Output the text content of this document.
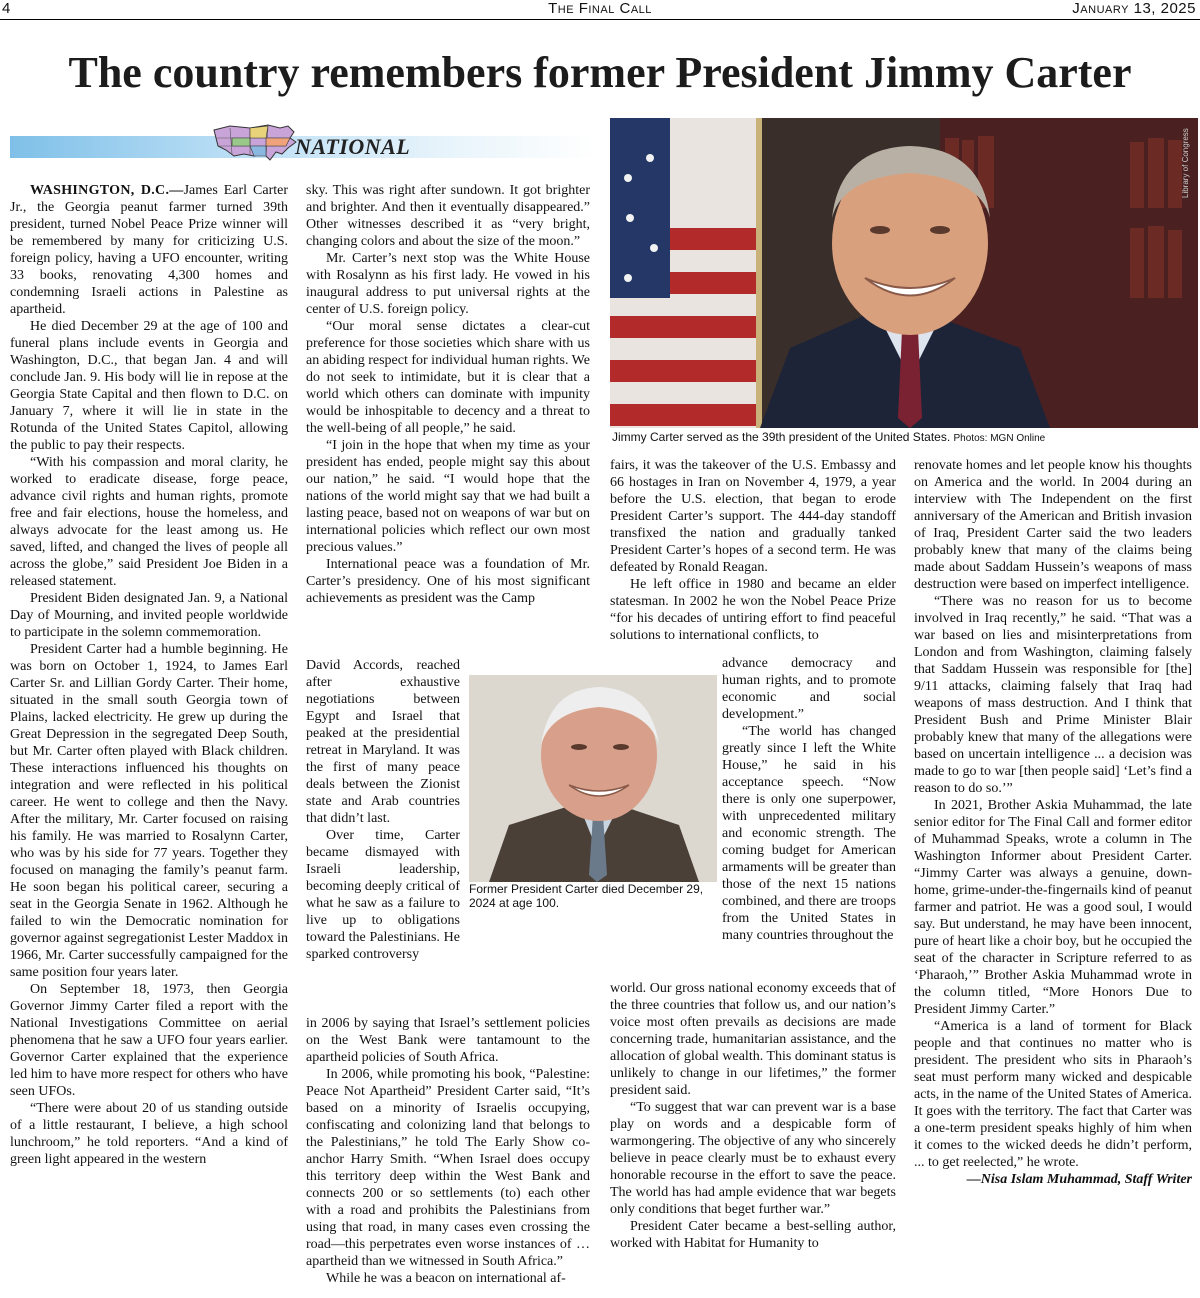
4	The Final Call	January 13, 2025
The country remembers former President Jimmy Carter
NATIONAL	Library of Congress
Jimmy Carter served as the 39th president of the United States. Photos: MGN Online
Former President Carter died December 29, 2024 at age 100.

WASHINGTON, D.C.—James Earl Carter Jr., the Georgia peanut farmer turned 39th president, turned Nobel Peace Prize winner will be remembered by many for criticizing U.S. foreign policy, having a UFO encounter, writing 33 books, renovating 4,300 homes and condemning Israeli actions in Palestine as apartheid.

He died December 29 at the age of 100 and funeral plans include events in Georgia and Washington, D.C., that began Jan. 4 and will conclude Jan. 9. His body will lie in repose at the Georgia State Capital and then flown to D.C. on January 7, where it will lie in state in the Rotunda of the United States Capitol, allowing the public to pay their respects.

“With his compassion and moral clarity, he worked to eradicate disease, forge peace, advance civil rights and human rights, promote free and fair elections, house the homeless, and always advocate for the least among us. He saved, lifted, and changed the lives of people all across the globe,” said President Joe Biden in a released statement.

President Biden designated Jan. 9, a National Day of Mourning, and invited people worldwide to participate in the solemn commemoration.

President Carter had a humble beginning. He was born on October 1, 1924, to James Earl Carter Sr. and Lillian Gordy Carter. Their home, situated in the small south Georgia town of Plains, lacked electricity. He grew up during the Great Depression in the segregated Deep South, but Mr. Carter often played with Black children. These interactions influenced his thoughts on integration and were reflected in his political career. He went to college and then the Navy. After the military, Mr. Carter focused on raising his family. He was married to Rosalynn Carter, who was by his side for 77 years. Together they focused on managing the family’s peanut farm. He soon began his political career, securing a seat in the Georgia Senate in 1962. Although he failed to win the Democratic nomination for governor against segregationist Lester Maddox in 1966, Mr. Carter successfully campaigned for the same position four years later.

On September 18, 1973, then Georgia Governor Jimmy Carter filed a report with the National Investigations Committee on aerial phenomena that he saw a UFO four years earlier. Governor Carter explained that the experience led him to have more respect for others who have seen UFOs.

“There were about 20 of us standing outside of a little restaurant, I believe, a high school lunchroom,” he told reporters. “And a kind of green light appeared in the western

sky. This was right after sundown. It got brighter and brighter. And then it eventually disappeared.” Other witnesses described it as “very bright, changing colors and about the size of the moon.”

Mr. Carter’s next stop was the White House with Rosalynn as his first lady. He vowed in his inaugural address to put universal rights at the center of U.S. foreign policy.

“Our moral sense dictates a clear-cut preference for those societies which share with us an abiding respect for individual human rights. We do not seek to intimidate, but it is clear that a world which others can dominate with impunity would be inhospitable to decency and a threat to the well-being of all people,” he said.

“I join in the hope that when my time as your president has ended, people might say this about our nation,” he said. “I would hope that the nations of the world might say that we had built a lasting peace, based not on weapons of war but on international policies which reflect our own most precious values.”

International peace was a foundation of Mr. Carter’s presidency. One of his most significant achievements as president was the Camp

David Accords, reached after exhaustive negotiations between Egypt and Israel that peaked at the presidential retreat in Maryland. It was the first of many peace deals between the Zionist state and Arab countries that didn’t last.

Over time, Carter became dismayed with Israeli leadership, becoming deeply critical of what he saw as a failure to live up to obligations toward the Palestinians. He sparked controversy

in 2006 by saying that Israel’s settlement policies on the West Bank were tantamount to the apartheid policies of South Africa.

In 2006, while promoting his book, “Palestine: Peace Not Apartheid” President Carter said, “It’s based on a minority of Israelis occupying, confiscating and colonizing land that belongs to the Palestinians,” he told The Early Show co-anchor Harry Smith. “When Israel does occupy this territory deep within the West Bank and connects 200 or so settlements (to) each other with a road and prohibits the Palestinians from using that road, in many cases even crossing the road—this perpetrates even worse instances of … apartheid than we witnessed in South Africa.”

While he was a beacon on international af-

fairs, it was the takeover of the U.S. Embassy and 66 hostages in Iran on November 4, 1979, a year before the U.S. election, that began to erode President Carter’s support. The 444-day standoff transfixed the nation and gradually tanked President Carter’s hopes of a second term. He was defeated by Ronald Reagan.

He left office in 1980 and became an elder statesman. In 2002 he won the Nobel Peace Prize “for his decades of untiring effort to find peaceful solutions to international conflicts, to

advance democracy and human rights, and to promote economic and social development.”

“The world has changed greatly since I left the White House,” he said in his acceptance speech. “Now there is only one superpower, with unprecedented military and economic strength. The coming budget for American armaments will be greater than those of the next 15 nations combined, and there are troops from the United States in many countries throughout the

world. Our gross national economy exceeds that of the three countries that follow us, and our nation’s voice most often prevails as decisions are made concerning trade, humanitarian assistance, and the allocation of global wealth. This dominant status is unlikely to change in our lifetimes,” the former president said.

“To suggest that war can prevent war is a base play on words and a despicable form of warmongering. The objective of any who sincerely believe in peace clearly must be to exhaust every honorable recourse in the effort to save the peace. The world has had ample evidence that war begets only conditions that beget further war.”

President Cater became a best-selling author, worked with Habitat for Humanity to

renovate homes and let people know his thoughts on America and the world. In 2004 during an interview with The Independent on the first anniversary of the American and British invasion of Iraq, President Carter said the two leaders probably knew that many of the claims being made about Saddam Hussein’s weapons of mass destruction were based on imperfect intelligence.

“There was no reason for us to become involved in Iraq recently,” he said. “That was a war based on lies and misinterpretations from London and from Washington, claiming falsely that Saddam Hussein was responsible for [the] 9/11 attacks, claiming falsely that Iraq had weapons of mass destruction. And I think that President Bush and Prime Minister Blair probably knew that many of the allegations were based on uncertain intelligence ... a decision was made to go to war [then people said] ‘Let’s find a reason to do so.’”

In 2021, Brother Askia Muhammad, the late senior editor for The Final Call and former editor of Muhammad Speaks, wrote a column in The Washington Informer about President Carter. “Jimmy Carter was always a genuine, down-home, grime-under-the-fingernails kind of peanut farmer and patriot. He was a good soul, I would say. But understand, he may have been innocent, pure of heart like a choir boy, but he occupied the seat of the character in Scripture referred to as ‘Pharaoh,’” Brother Askia Muhammad wrote in the column titled, “More Honors Due to President Jimmy Carter.”

“America is a land of torment for Black people and that continues no matter who is president. The president who sits in Pharaoh’s seat must perform many wicked and despicable acts, in the name of the United States of America. It goes with the territory. The fact that Carter was a one-term president speaks highly of him when it comes to the wicked deeds he didn’t perform, ... to get reelected,” he wrote.

—Nisa Islam Muhammad, Staff Writer
